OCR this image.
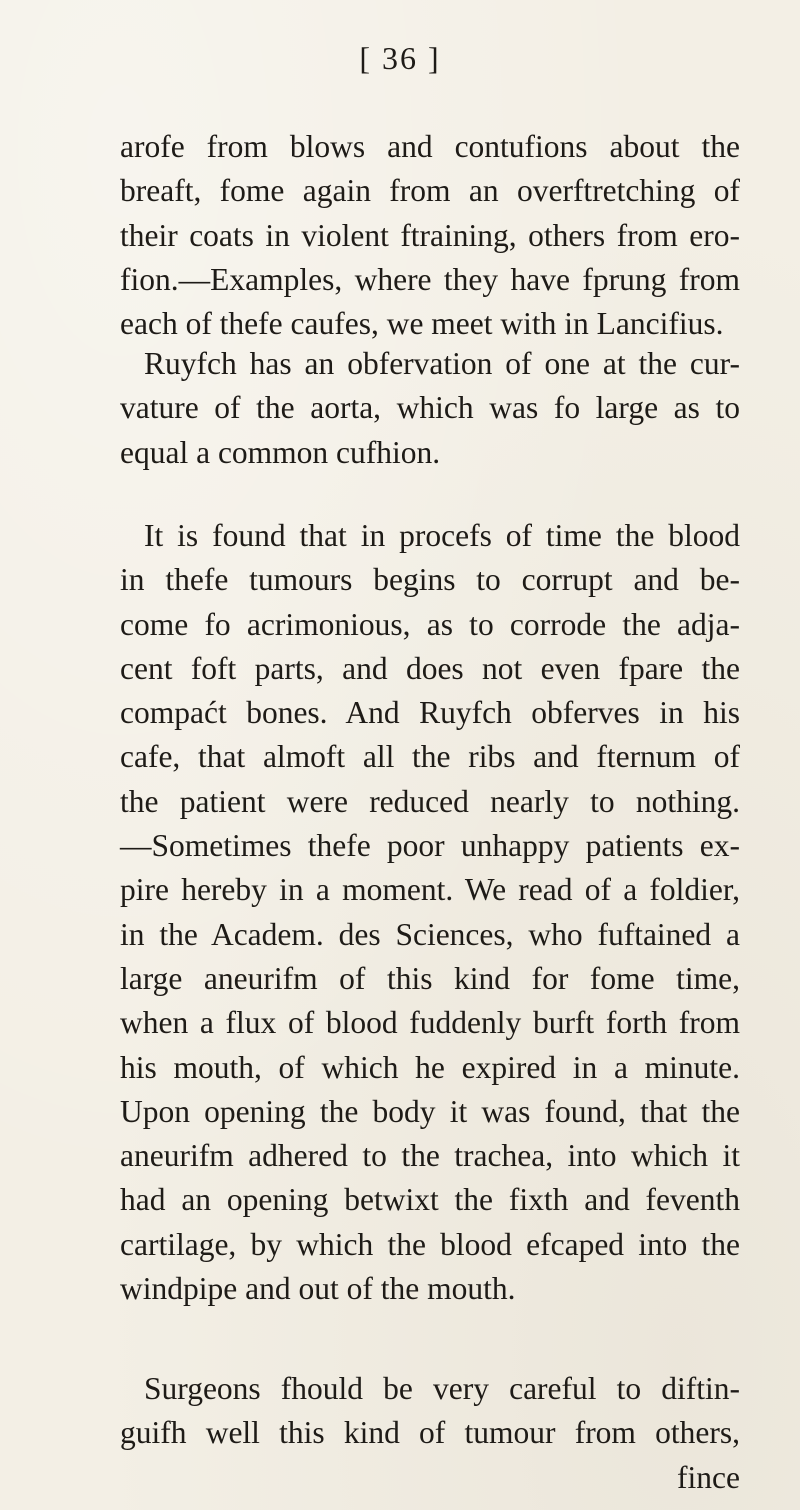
[ 36 ]
arofe from blows and contufions about the
breaft, fome again from an overftretching of
their coats in violent ftraining, others from ero-
fion.—Examples, where they have fprung from
each of thefe caufes, we meet with in Lancifius.
Ruyfch has an obfervation of one at the cur-
vature of the aorta, which was fo large as to
equal a common cufhion.
It is found that in procefs of time the blood
in thefe tumours begins to corrupt and be-
come fo acrimonious, as to corrode the adja-
cent foft parts, and does not even fpare the
compaćt bones. And Ruyfch obferves in his
cafe, that almoft all the ribs and fternum of
the patient were reduced nearly to nothing.
—Sometimes thefe poor unhappy patients ex-
pire hereby in a moment. We read of a foldier,
in the Academ. des Sciences, who fuftained a
large aneurifm of this kind for fome time,
when a flux of blood fuddenly burft forth from
his mouth, of which he expired in a minute.
Upon opening the body it was found, that the
aneurifm adhered to the trachea, into which it
had an opening betwixt the fixth and feventh
cartilage, by which the blood efcaped into the
windpipe and out of the mouth.
Surgeons fhould be very careful to diftin-
guifh well this kind of tumour from others,
fince
